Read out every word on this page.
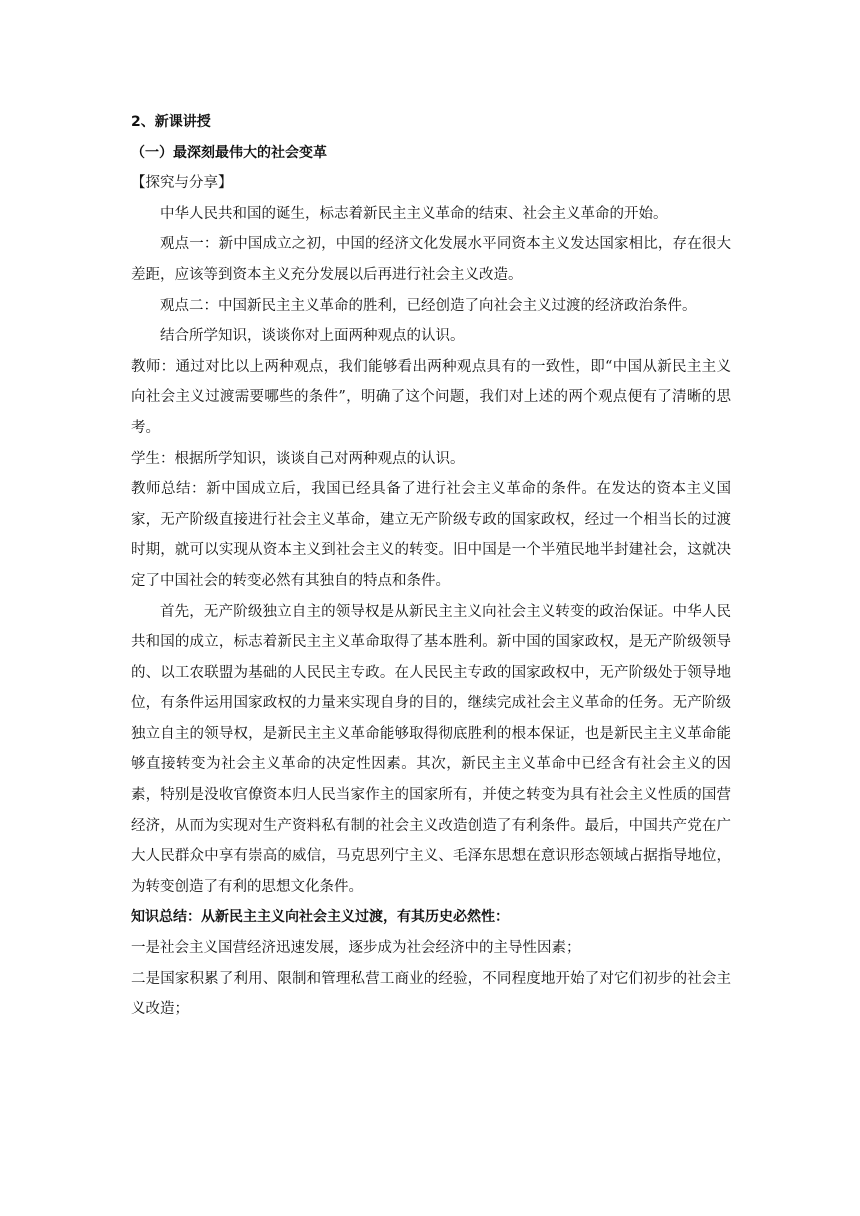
2、新课讲授

（一）最深刻最伟大的社会变革

【探究与分享】

中华人民共和国的诞生，标志着新民主主义革命的结束、社会主义革命的开始。

观点一：新中国成立之初，中国的经济文化发展水平同资本主义发达国家相比，存在很大差距，应该等到资本主义充分发展以后再进行社会主义改造。

观点二：中国新民主主义革命的胜利，已经创造了向社会主义过渡的经济政治条件。

结合所学知识，谈谈你对上面两种观点的认识。

教师：通过对比以上两种观点，我们能够看出两种观点具有的一致性，即“中国从新民主主义向社会主义过渡需要哪些的条件”，明确了这个问题，我们对上述的两个观点便有了清晰的思考。

学生：根据所学知识，谈谈自己对两种观点的认识。

教师总结：新中国成立后，我国已经具备了进行社会主义革命的条件。在发达的资本主义国家，无产阶级直接进行社会主义革命，建立无产阶级专政的国家政权，经过一个相当长的过渡时期，就可以实现从资本主义到社会主义的转变。旧中国是一个半殖民地半封建社会，这就决定了中国社会的转变必然有其独自的特点和条件。

首先，无产阶级独立自主的领导权是从新民主主义向社会主义转变的政治保证。中华人民共和国的成立，标志着新民主主义革命取得了基本胜利。新中国的国家政权，是无产阶级领导的、以工农联盟为基础的人民民主专政。在人民民主专政的国家政权中，无产阶级处于领导地位，有条件运用国家政权的力量来实现自身的目的，继续完成社会主义革命的任务。无产阶级独立自主的领导权，是新民主主义革命能够取得彻底胜利的根本保证，也是新民主主义革命能够直接转变为社会主义革命的决定性因素。其次，新民主主义革命中已经含有社会主义的因素，特别是没收官僚资本归人民当家作主的国家所有，并使之转变为具有社会主义性质的国营经济，从而为实现对生产资料私有制的社会主义改造创造了有利条件。最后，中国共产党在广大人民群众中享有崇高的威信，马克思列宁主义、毛泽东思想在意识形态领域占据指导地位，为转变创造了有利的思想文化条件。

知识总结：从新民主主义向社会主义过渡，有其历史必然性：

一是社会主义国营经济迅速发展，逐步成为社会经济中的主导性因素；

二是国家积累了利用、限制和管理私营工商业的经验，不同程度地开始了对它们初步的社会主义改造；
